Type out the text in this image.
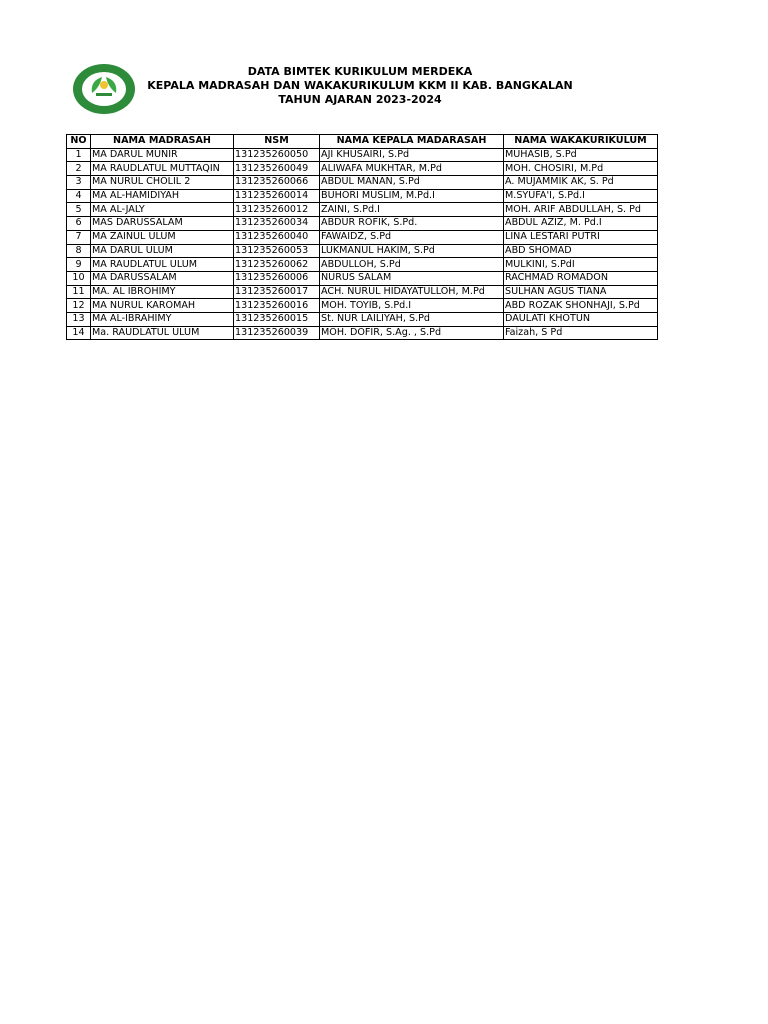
DATA BIMTEK KURIKULUM MERDEKA
KEPALA MADRASAH DAN WAKAKURIKULUM KKM II KAB. BANGKALAN
TAHUN AJARAN 2023-2024
NO	NAMA MADRASAH	NSM	NAMA KEPALA MADARASAH	NAMA WAKAKURIKULUM
1	MA DARUL MUNIR	131235260050	AJI KHUSAIRI, S.Pd	MUHASIB, S.Pd
2	MA RAUDLATUL MUTTAQIN	131235260049	ALIWAFA MUKHTAR, M.Pd	MOH. CHOSIRI, M.Pd
3	MA NURUL CHOLIL 2	131235260066	ABDUL MANAN, S.Pd	A. MUJAMMIK AK, S. Pd
4	MA AL-HAMIDIYAH	131235260014	BUHORI MUSLIM, M.Pd.I	M.SYUFA'I, S.Pd.I
5	MA AL-JALY	131235260012	ZAINI, S.Pd.I	MOH. ARIF ABDULLAH, S. Pd
6	MAS DARUSSALAM	131235260034	ABDUR ROFIK, S.Pd.	ABDUL AZIZ, M. Pd.I
7	MA ZAINUL ULUM	131235260040	FAWAIDZ, S.Pd	LINA LESTARI PUTRI
8	MA DARUL ULUM	131235260053	LUKMANUL HAKIM, S.Pd	ABD SHOMAD
9	MA RAUDLATUL ULUM	131235260062	ABDULLOH, S.Pd	MULKINI, S.PdI
10	MA DARUSSALAM	131235260006	NURUS SALAM	RACHMAD ROMADON
11	MA. AL IBROHIMY	131235260017	ACH. NURUL HIDAYATULLOH, M.Pd	SULHAN AGUS TIANA
12	MA NURUL KAROMAH	131235260016	MOH. TOYIB, S.Pd.I	ABD ROZAK SHONHAJI, S.Pd
13	MA AL-IBRAHIMY	131235260015	St. NUR LAILIYAH, S.Pd	DAULATI KHOTUN
14	Ma. RAUDLATUL ULUM	131235260039	MOH. DOFIR, S.Ag. , S.Pd	Faizah, S Pd
